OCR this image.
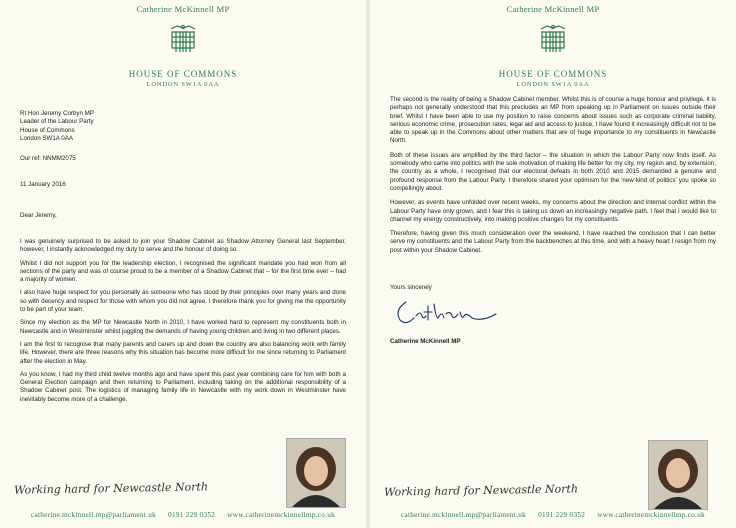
Catherine McKinnell MP
HOUSE OF COMMONS
LONDON SW1A 0AA
Rt Hon Jeremy Corbyn MP
Leader of the Labour Party
House of Commons
London SW1A 0AA
Our ref: NNMM2075
11 January 2016
Dear Jeremy,

I was genuinely surprised to be asked to join your Shadow Cabinet as Shadow Attorney General last September, however, I instantly acknowledged my duty to serve and the honour of doing so.

Whilst I did not support you for the leadership election, I recognised the significant mandate you had won from all sections of the party and was of course proud to be a member of a Shadow Cabinet that – for the first time ever – had a majority of women.

I also have huge respect for you personally as someone who has stood by their principles over many years and done so with decency and respect for those with whom you did not agree. I therefore thank you for giving me the opportunity to be part of your team.

Since my election as the MP for Newcastle North in 2010, I have worked hard to represent my constituents both in Newcastle and in Westminster whilst juggling the demands of having young children and living in two different places.

I am the first to recognise that many parents and carers up and down the country are also balancing work with family life. However, there are three reasons why this situation has become more difficult for me since returning to Parliament after the election in May.

As you know, I had my third child twelve months ago and have spent this past year combining care for him with both a General Election campaign and then returning to Parliament, including taking on the additional responsibility of a Shadow Cabinet post. The logistics of managing family life in Newcastle with my work down in Westminster have inevitably become more of a challenge.

Working hard for Newcastle North
catherine.mckinnell.mp@parliament.uk 0191 229 0352 www.catherinemckinnellmp.co.uk
Catherine McKinnell MP
HOUSE OF COMMONS
LONDON SW1A 0AA

The second is the reality of being a Shadow Cabinet member. Whilst this is of course a huge honour and privilege, it is perhaps not generally understood that this precludes an MP from speaking up in Parliament on issues outside their brief. Whilst I have been able to use my position to raise concerns about issues such as corporate criminal liability, serious economic crime, prosecution rates, legal aid and access to justice, I have found it increasingly difficult not to be able to speak up in the Commons about other matters that are of huge importance to my constituents in Newcastle North.

Both of these issues are amplified by the third factor – the situation in which the Labour Party now finds itself. As somebody who came into politics with the sole motivation of making life better for my city, my region and, by extension, the country as a whole, I recognised that our electoral defeats in both 2010 and 2015 demanded a genuine and profound response from the Labour Party. I therefore shared your optimism for the 'new kind of politics' you spoke so compellingly about.

However, as events have unfolded over recent weeks, my concerns about the direction and internal conflict within the Labour Party have only grown, and I fear this is taking us down an increasingly negative path. I feel that I would like to channel my energy constructively, into making positive changes for my constituents.

Therefore, having given this much consideration over the weekend, I have reached the conclusion that I can better serve my constituents and the Labour Party from the backbenches at this time, and with a heavy heart I resign from my post within your Shadow Cabinet.

Yours sincerely
Catherine McKinnell MP
Working hard for Newcastle North
catherine.mckinnell.mp@parliament.uk 0191 229 0352 www.catherinemckinnellmp.co.uk
